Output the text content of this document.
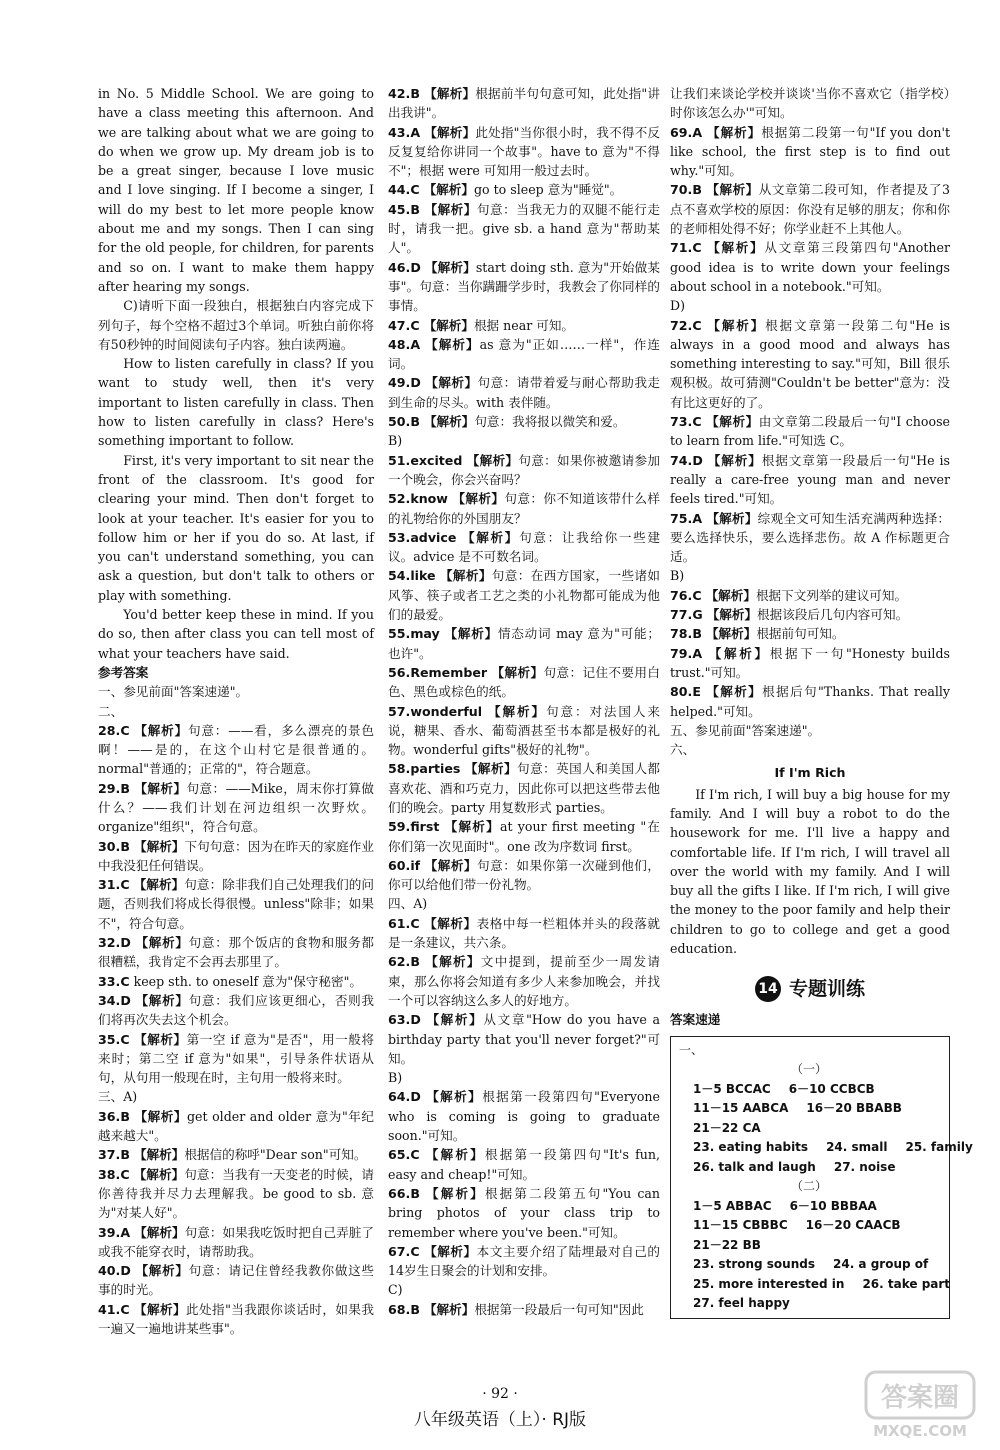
in No. 5 Middle School. We are going to have a class meeting this afternoon. And we are talking about what we are going to do when we grow up. My dream job is to be a great singer, because I love music and I love singing. If I become a singer, I will do my best to let more people know about me and my songs. Then I can sing for the old people, for children, for parents and so on. I want to make them happy after hearing my songs.

C)请听下面一段独白，根据独白内容完成下列句子，每个空格不超过3个单词。听独白前你将有50秒钟的时间阅读句子内容。独白读两遍。

How to listen carefully in class? If you want to study well, then it's very important to listen carefully in class. Then how to listen carefully in class? Here's something important to follow.

First, it's very important to sit near the front of the classroom. It's good for clearing your mind. Then don't forget to look at your teacher. It's easier for you to follow him or her if you do so. At last, if you can't understand something, you can ask a question, but don't talk to others or play with something.

You'd better keep these in mind. If you do so, then after class you can tell most of what your teachers have said.

参考答案

一、参见前面"答案速递"。

二、

28.C 【解析】句意：——看，多么漂亮的景色啊！——是的，在这个山村它是很普通的。normal"普通的；正常的"，符合题意。

29.B 【解析】句意：——Mike，周末你打算做什么？——我们计划在河边组织一次野炊。organize"组织"，符合句意。

30.B 【解析】下句句意：因为在昨天的家庭作业中我没犯任何错误。

31.C 【解析】句意：除非我们自己处理我们的问题，否则我们将成长得很慢。unless"除非；如果不"，符合句意。

32.D 【解析】句意：那个饭店的食物和服务都很糟糕，我肯定不会再去那里了。

33.C keep sth. to oneself 意为"保守秘密"。

34.D 【解析】句意：我们应该更细心，否则我们将再次失去这个机会。

35.C 【解析】第一空 if 意为"是否"，用一般将来时；第二空 if 意为"如果"，引导条件状语从句，从句用一般现在时，主句用一般将来时。

三、A)

36.B 【解析】get older and older 意为"年纪越来越大"。

37.B 【解析】根据信的称呼"Dear son"可知。

38.C 【解析】句意：当我有一天变老的时候，请你善待我并尽力去理解我。be good to sb. 意为"对某人好"。

39.A 【解析】句意：如果我吃饭时把自己弄脏了或我不能穿衣时，请帮助我。

40.D 【解析】句意：请记住曾经我教你做这些事的时光。

41.C 【解析】此处指"当我跟你谈话时，如果我一遍又一遍地讲某些事"。

42.B 【解析】根据前半句句意可知，此处指"讲出我讲"。

43.A 【解析】此处指"当你很小时，我不得不反反复复给你讲同一个故事"。have to 意为"不得不"；根据 were 可知用一般过去时。

44.C 【解析】go to sleep 意为"睡觉"。

45.B 【解析】句意：当我无力的双腿不能行走时，请我一把。give sb. a hand 意为"帮助某人"。

46.D 【解析】start doing sth. 意为"开始做某事"。句意：当你蹒跚学步时，我教会了你同样的事情。

47.C 【解析】根据 near 可知。

48.A 【解析】as 意为"正如……一样"，作连词。

49.D 【解析】句意：请带着爱与耐心帮助我走到生命的尽头。with 表伴随。

50.B 【解析】句意：我将报以微笑和爱。

B)

51.excited 【解析】句意：如果你被邀请参加一个晚会，你会兴奋吗？

52.know 【解析】句意：你不知道该带什么样的礼物给你的外国朋友？

53.advice 【解析】句意：让我给你一些建议。advice 是不可数名词。

54.like 【解析】句意：在西方国家，一些诸如风筝、筷子或者工艺之类的小礼物都可能成为他们的最爱。

55.may 【解析】情态动词 may 意为"可能；也许"。

56.Remember 【解析】句意：记住不要用白色、黑色或棕色的纸。

57.wonderful 【解析】句意：对法国人来说，糖果、香水、葡萄酒甚至书本都是极好的礼物。wonderful gifts"极好的礼物"。

58.parties 【解析】句意：英国人和美国人都喜欢花、酒和巧克力，因此你可以把这些带去他们的晚会。party 用复数形式 parties。

59.first 【解析】at your first meeting "在你们第一次见面时"。one 改为序数词 first。

60.if 【解析】句意：如果你第一次碰到他们，你可以给他们带一份礼物。

四、A)

61.C 【解析】表格中每一栏粗体并头的段落就是一条建议，共六条。

62.B 【解析】文中提到，提前至少一周发请柬，那么你将会知道有多少人来参加晚会，并找一个可以容纳这么多人的好地方。

63.D 【解析】从文章"How do you have a birthday party that you'll never forget?"可知。

B)

64.D 【解析】根据第一段第四句"Everyone who is coming is going to graduate soon."可知。

65.C 【解析】根据第一段第四句"It's fun, easy and cheap!"可知。

66.B 【解析】根据第二段第五句"You can bring photos of your class trip to remember where you've been."可知。

67.C 【解析】本文主要介绍了陆埋最对自己的14岁生日聚会的计划和安排。

C)

68.B 【解析】根据第一段最后一句可知"因此

让我们来谈论学校并谈谈'当你不喜欢它（指学校）时你该怎么办'"可知。

69.A 【解析】根据第二段第一句"If you don't like school, the first step is to find out why."可知。

70.B 【解析】从文章第二段可知，作者提及了3点不喜欢学校的原因：你没有足够的朋友；你和你的老师相处得不好；你学业赶不上其他人。

71.C 【解析】从文章第三段第四句"Another good idea is to write down your feelings about school in a notebook."可知。

D)

72.C 【解析】根据文章第一段第二句"He is always in a good mood and always has something interesting to say."可知，Bill 很乐观积极。故可猜测"Couldn't be better"意为：没有比这更好的了。

73.C 【解析】由文章第二段最后一句"I choose to learn from life."可知选 C。

74.D 【解析】根据文章第一段最后一句"He is really a care-free young man and never feels tired."可知。

75.A 【解析】综观全文可知生活充满两种选择：要么选择快乐，要么选择悲伤。故 A 作标题更合适。

B)

76.C 【解析】根据下文列举的建议可知。

77.G 【解析】根据该段后几句内容可知。

78.B 【解析】根据前句可知。

79.A 【解析】根据下一句"Honesty builds trust."可知。

80.E 【解析】根据后句"Thanks. That really helped."可知。

五、参见前面"答案速递"。

六、

If I'm Rich

If I'm rich, I will buy a big house for my family. And I will buy a robot to do the housework for me. I'll live a happy and comfortable life. If I'm rich, I will travel all over the world with my family. And I will buy all the gifts I like. If I'm rich, I will give the money to the poor family and help their children to go to college and get a good education.

14 专题训练

答案速递

一、
（一）
1－5 BCCAC 6－10 CCBCB
11－15 AABCA 16－20 BBABB
21－22 CA
23. eating habits 24. small 25. family
26. talk and laugh 27. noise
（二）
1－5 ABBAC 6－10 BBBAA
11－15 CBBBC 16－20 CAACB
21－22 BB
23. strong sounds 24. a group of
25. more interested in 26. take part
27. feel happy
· 92 ·
八年级英语（上）· RJ版
答案圈
MXQE.COM
